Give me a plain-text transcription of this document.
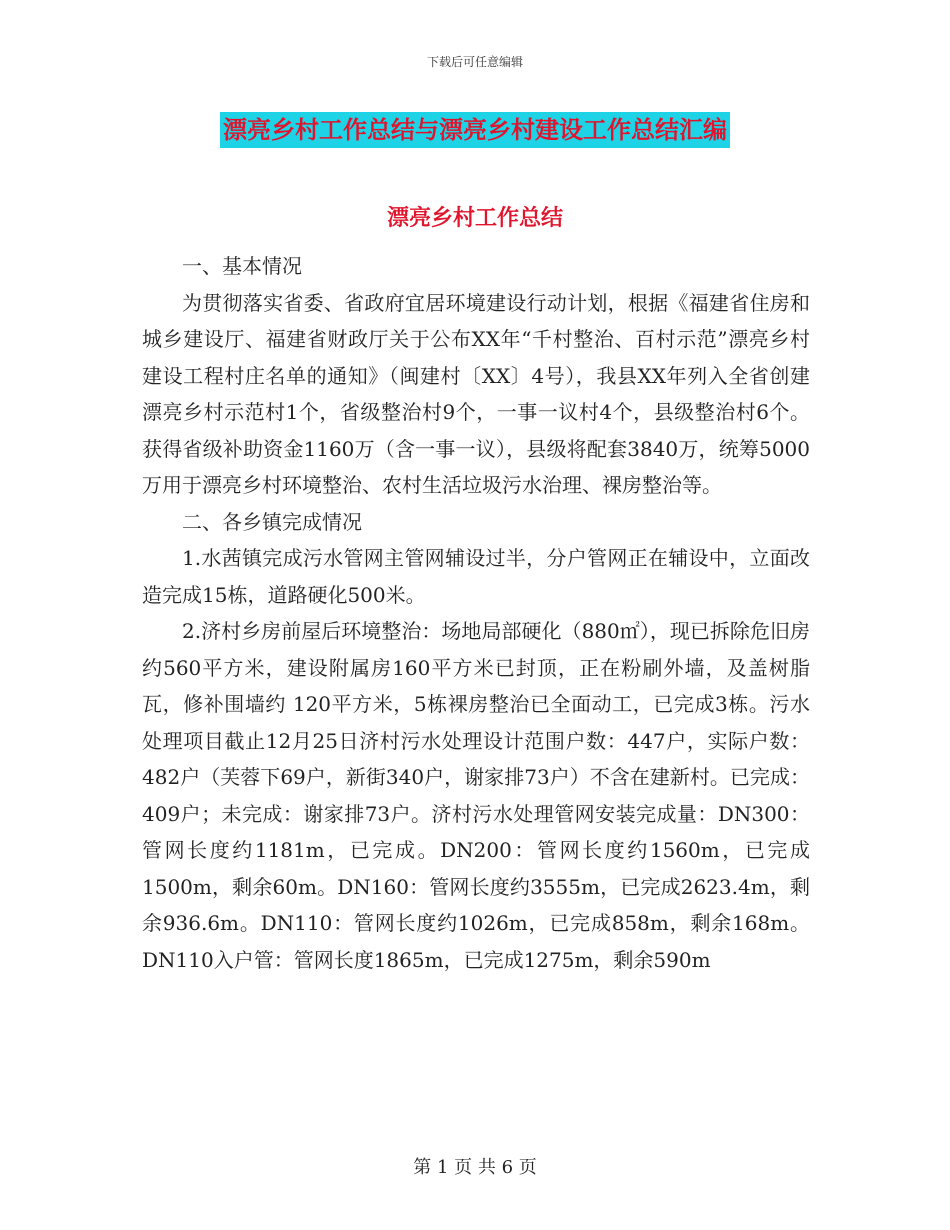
下载后可任意编辑
漂亮乡村工作总结与漂亮乡村建设工作总结汇编
漂亮乡村工作总结

一、基本情况

为贯彻落实省委、省政府宜居环境建设行动计划，根据《福建省住房和城乡建设厅、福建省财政厅关于公布XX年“千村整治、百村示范”漂亮乡村建设工程村庄名单的通知》（闽建村〔XX〕4号），我县XX年列入全省创建漂亮乡村示范村1个，省级整治村9个，一事一议村4个，县级整治村6个。获得省级补助资金1160万（含一事一议），县级将配套3840万，统筹5000万用于漂亮乡村环境整治、农村生活垃圾污水治理、裸房整治等。

二、各乡镇完成情况

1.水茜镇完成污水管网主管网辅设过半，分户管网正在辅设中，立面改造完成15栋，道路硬化500米。

2.济村乡房前屋后环境整治：场地局部硬化（880㎡），现已拆除危旧房约560平方米，建设附属房160平方米已封顶，正在粉刷外墙，及盖树脂瓦，修补围墙约 120平方米，5栋裸房整治已全面动工，已完成3栋。污水处理项目截止12月25日济村污水处理设计范围户数：447户，实际户数：482户（芙蓉下69户，新街340户，谢家排73户）不含在建新村。已完成：409户；未完成：谢家排73户。济村污水处理管网安装完成量：DN300：管网长度约1181m，已完成。DN200：管网长度约1560m，已完成1500m，剩余60m。DN160：管网长度约3555m，已完成2623.4m，剩余936.6m。DN110：管网长度约1026m，已完成858m，剩余168m。DN110入户管：管网长度1865m，已完成1275m，剩余590m

第 1 页 共 6 页
